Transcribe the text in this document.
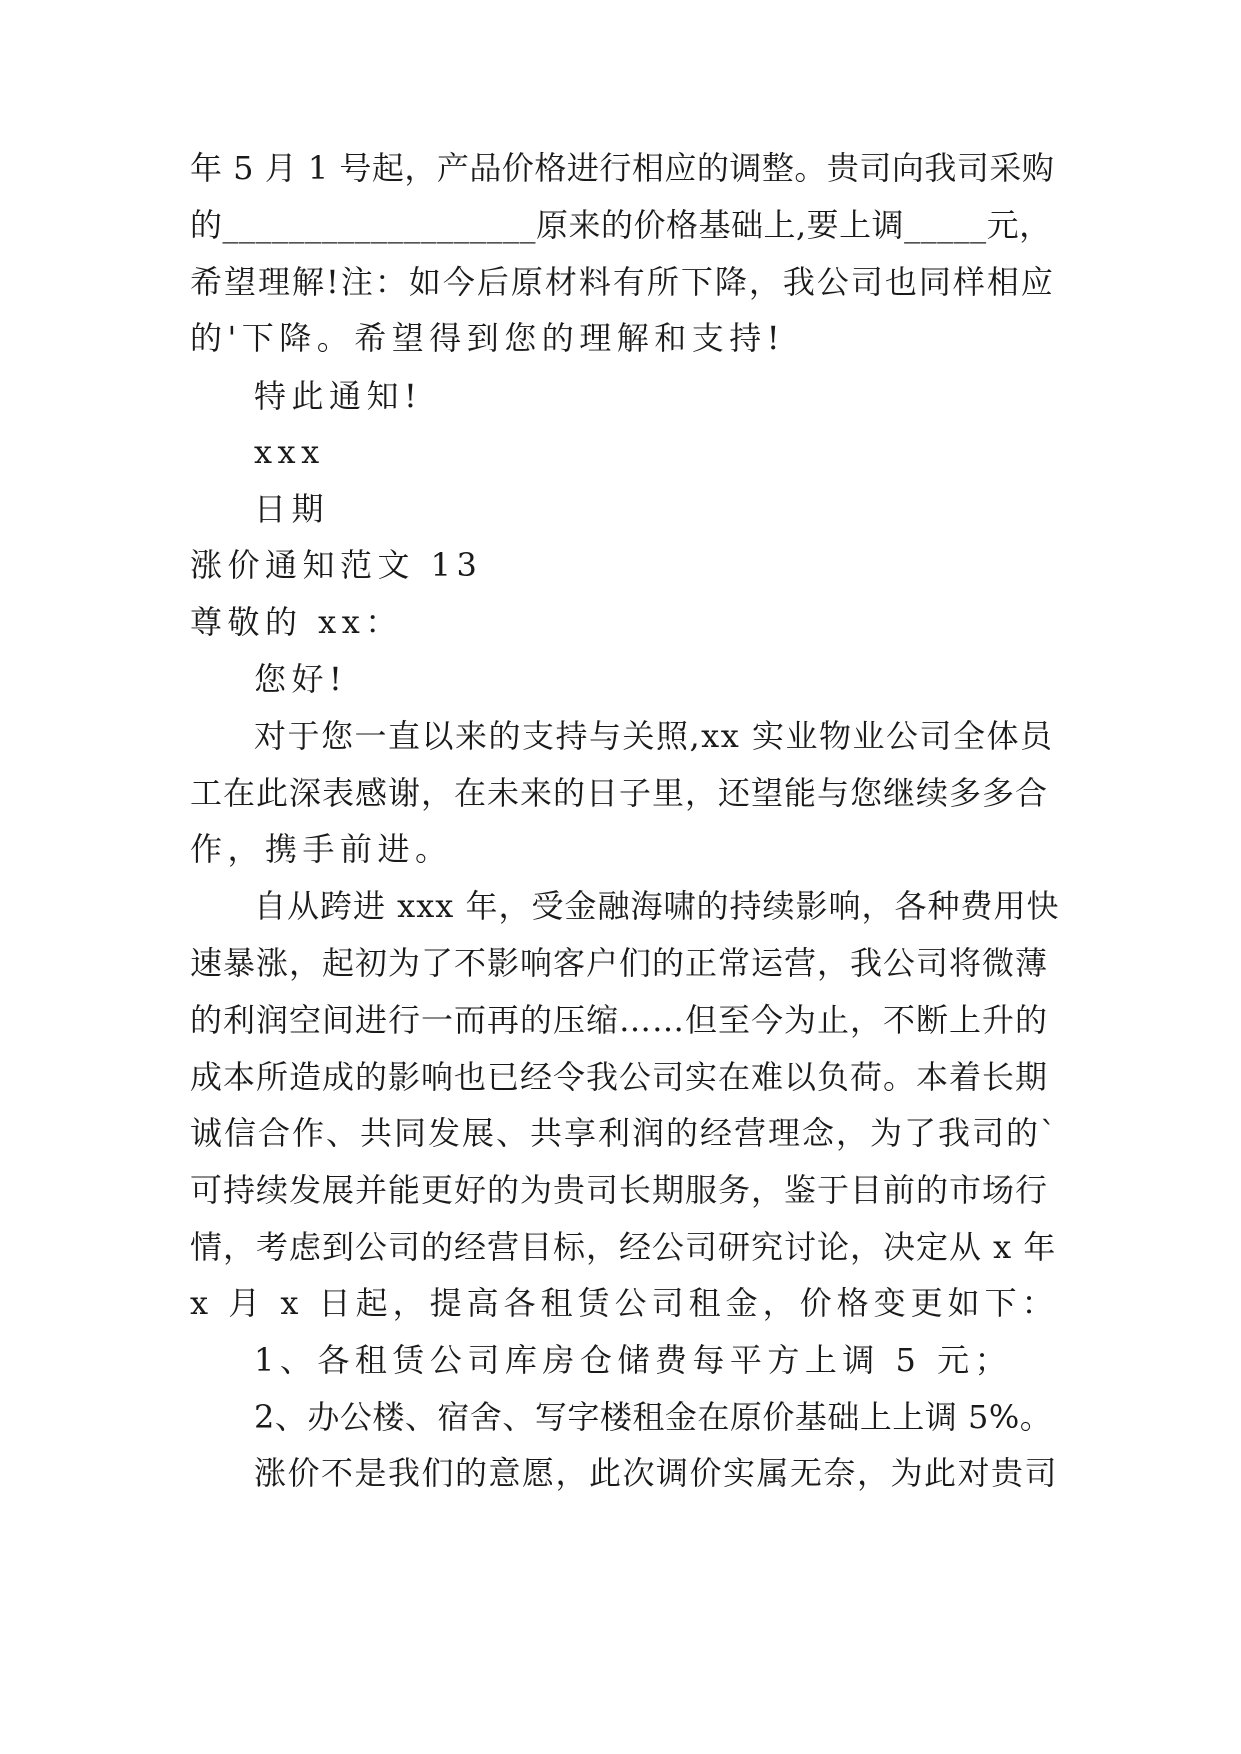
年 5 月 1 号起，产品价格进行相应的调整。贵司向我司采购
的___________________原来的价格基础上,要上调_____元，
希望理解!注：如今后原材料有所下降，我公司也同样相应
的'下降。希望得到您的理解和支持!
特此通知!
xxx
日期
涨价通知范文 13
尊敬的 xx：
您好!
对于您一直以来的支持与关照,xx 实业物业公司全体员
工在此深表感谢，在未来的日子里，还望能与您继续多多合
作，携手前进。
自从跨进 xxx 年，受金融海啸的持续影响，各种费用快
速暴涨，起初为了不影响客户们的正常运营，我公司将微薄
的利润空间进行一而再的压缩……但至今为止，不断上升的
成本所造成的影响也已经令我公司实在难以负荷。本着长期
诚信合作、共同发展、共享利润的经营理念，为了我司的`
可持续发展并能更好的为贵司长期服务，鉴于目前的市场行
情，考虑到公司的经营目标，经公司研究讨论，决定从 x 年
x 月 x 日起，提高各租赁公司租金，价格变更如下：
1、各租赁公司库房仓储费每平方上调 5 元；
2、办公楼、宿舍、写字楼租金在原价基础上上调 5%。
涨价不是我们的意愿，此次调价实属无奈，为此对贵司
